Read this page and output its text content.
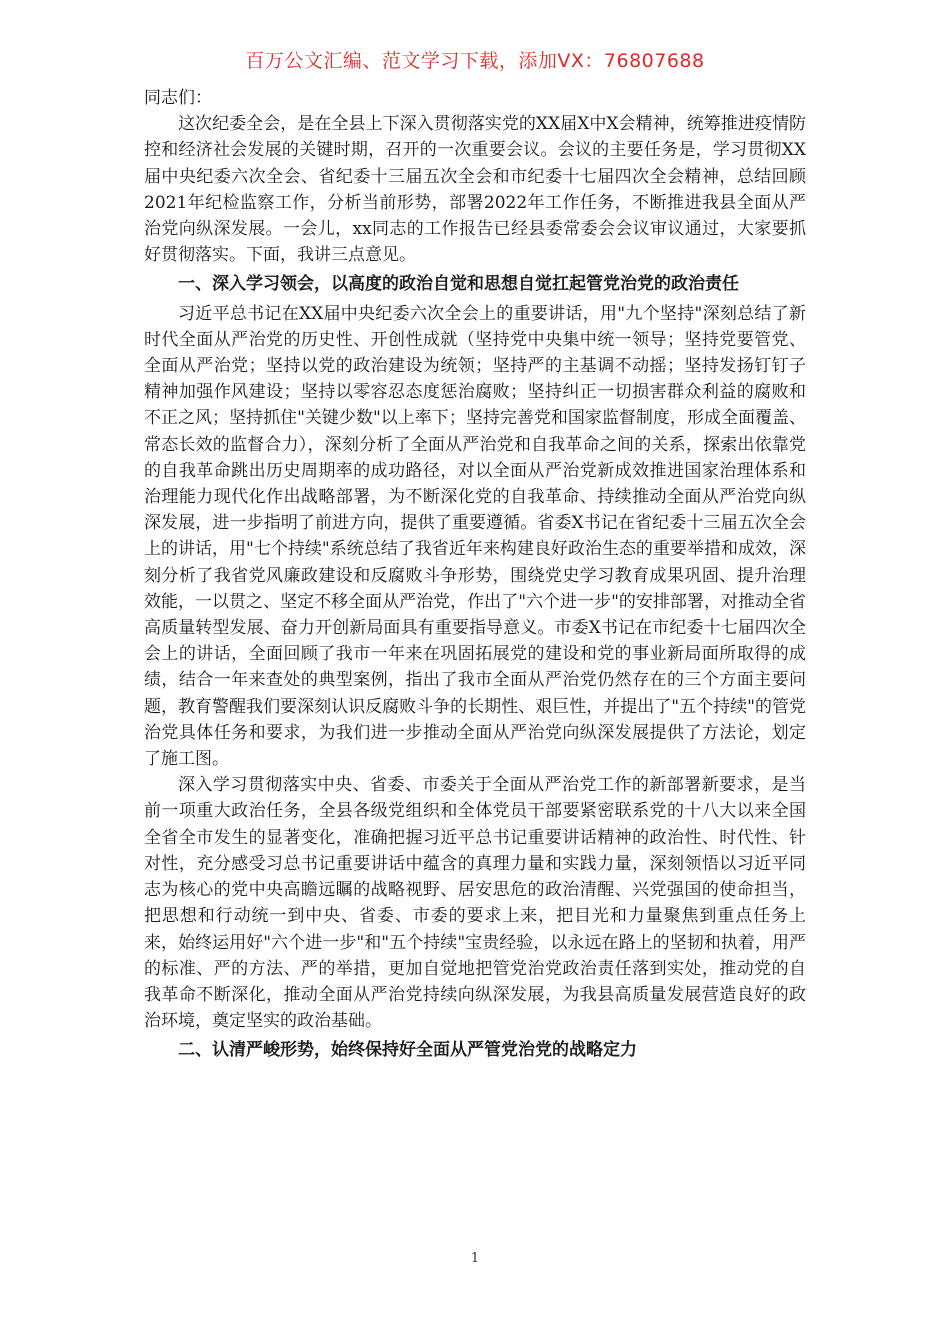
百万公文汇编、范文学习下载，添加VX：76807688

同志们：

这次纪委全会，是在全县上下深入贯彻落实党的XX届X中X会精神，统筹推进疫情防控和经济社会发展的关键时期，召开的一次重要会议。会议的主要任务是，学习贯彻XX届中央纪委六次全会、省纪委十三届五次全会和市纪委十七届四次全会精神，总结回顾2021年纪检监察工作，分析当前形势，部署2022年工作任务，不断推进我县全面从严治党向纵深发展。一会儿，xx同志的工作报告已经县委常委会会议审议通过，大家要抓好贯彻落实。下面，我讲三点意见。

一、深入学习领会，以高度的政治自觉和思想自觉扛起管党治党的政治责任

习近平总书记在XX届中央纪委六次全会上的重要讲话，用"九个坚持"深刻总结了新时代全面从严治党的历史性、开创性成就（坚持党中央集中统一领导；坚持党要管党、全面从严治党；坚持以党的政治建设为统领；坚持严的主基调不动摇；坚持发扬钉钉子精神加强作风建设；坚持以零容忍态度惩治腐败；坚持纠正一切损害群众利益的腐败和不正之风；坚持抓住"关键少数"以上率下；坚持完善党和国家监督制度，形成全面覆盖、常态长效的监督合力），深刻分析了全面从严治党和自我革命之间的关系，探索出依靠党的自我革命跳出历史周期率的成功路径，对以全面从严治党新成效推进国家治理体系和治理能力现代化作出战略部署，为不断深化党的自我革命、持续推动全面从严治党向纵深发展，进一步指明了前进方向，提供了重要遵循。省委X书记在省纪委十三届五次全会上的讲话，用"七个持续"系统总结了我省近年来构建良好政治生态的重要举措和成效，深刻分析了我省党风廉政建设和反腐败斗争形势，围绕党史学习教育成果巩固、提升治理效能，一以贯之、坚定不移全面从严治党，作出了"六个进一步"的安排部署，对推动全省高质量转型发展、奋力开创新局面具有重要指导意义。市委X书记在市纪委十七届四次全会上的讲话，全面回顾了我市一年来在巩固拓展党的建设和党的事业新局面所取得的成绩，结合一年来查处的典型案例，指出了我市全面从严治党仍然存在的三个方面主要问题，教育警醒我们要深刻认识反腐败斗争的长期性、艰巨性，并提出了"五个持续"的管党治党具体任务和要求，为我们进一步推动全面从严治党向纵深发展提供了方法论，划定了施工图。

深入学习贯彻落实中央、省委、市委关于全面从严治党工作的新部署新要求，是当前一项重大政治任务，全县各级党组织和全体党员干部要紧密联系党的十八大以来全国全省全市发生的显著变化，准确把握习近平总书记重要讲话精神的政治性、时代性、针对性，充分感受习总书记重要讲话中蕴含的真理力量和实践力量，深刻领悟以习近平同志为核心的党中央高瞻远瞩的战略视野、居安思危的政治清醒、兴党强国的使命担当，把思想和行动统一到中央、省委、市委的要求上来，把目光和力量聚焦到重点任务上来，始终运用好"六个进一步"和"五个持续"宝贵经验，以永远在路上的坚韧和执着，用严的标准、严的方法、严的举措，更加自觉地把管党治党政治责任落到实处，推动党的自我革命不断深化，推动全面从严治党持续向纵深发展，为我县高质量发展营造良好的政治环境，奠定坚实的政治基础。

二、认清严峻形势，始终保持好全面从严管党治党的战略定力

1
